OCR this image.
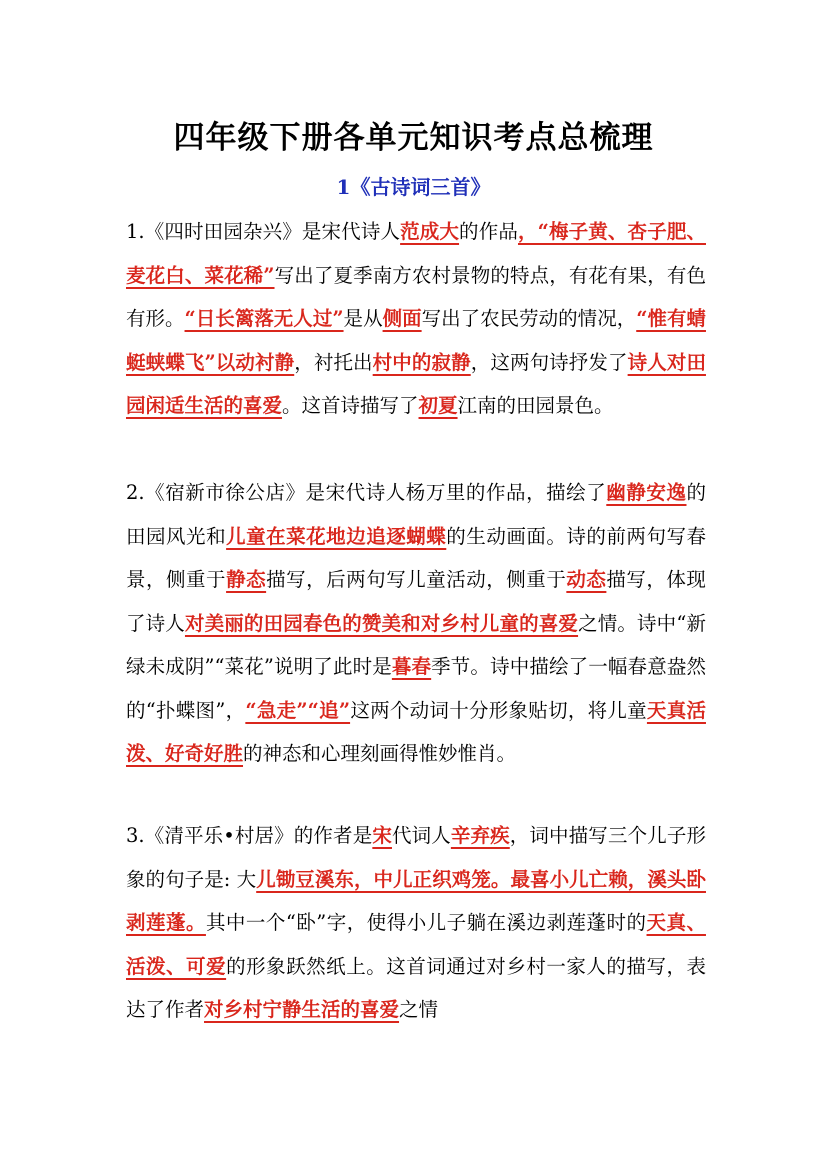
四年级下册各单元知识考点总梳理
1《古诗词三首》

1.《四时田园杂兴》是宋代诗人范成大的作品，“梅子黄、杏子肥、麦花白、菜花稀”写出了夏季南方农村景物的特点，有花有果，有色有形。“日长篱落无人过”是从侧面写出了农民劳动的情况，“惟有蜻蜓蛱蝶飞”以动衬静，衬托出村中的寂静，这两句诗抒发了诗人对田园闲适生活的喜爱。这首诗描写了初夏江南的田园景色。

2.《宿新市徐公店》是宋代诗人杨万里的作品，描绘了幽静安逸的田园风光和儿童在菜花地边追逐蝴蝶的生动画面。诗的前两句写春景，侧重于静态描写，后两句写儿童活动，侧重于动态描写，体现了诗人对美丽的田园春色的赞美和对乡村儿童的喜爱之情。诗中“新绿未成阴”“菜花”说明了此时是暮春季节。诗中描绘了一幅春意盎然的“扑蝶图”，“急走”“追”这两个动词十分形象贴切，将儿童天真活泼、好奇好胜的神态和心理刻画得惟妙惟肖。

3.《清平乐•村居》的作者是宋代词人辛弃疾，词中描写三个儿子形象的句子是: 大儿锄豆溪东，中儿正织鸡笼。最喜小儿亡赖，溪头卧剥莲蓬。其中一个“卧”字，使得小儿子躺在溪边剥莲蓬时的天真、活泼、可爱的形象跃然纸上。这首词通过对乡村一家人的描写，表达了作者对乡村宁静生活的喜爱之情
